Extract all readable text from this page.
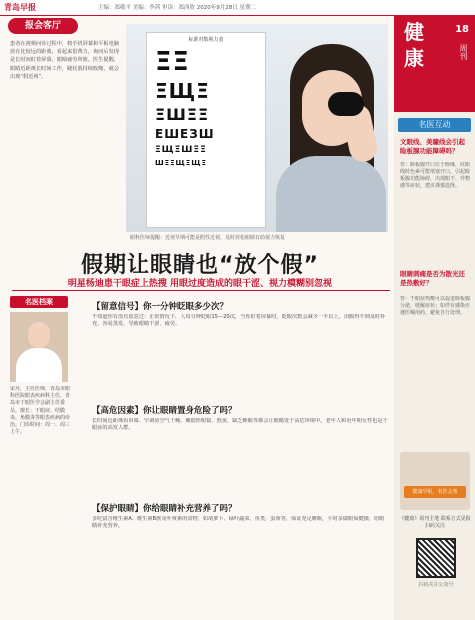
青岛早报	主编：郑敬平 美编：李茜 审读：郑西欣 2020年9月28日 星期二
健
康
18
周刊
名医互动
文眼线、美瞳线会引起睑板腺功能障碍吗？
答：睑板腺开口位于睑缘，纹眼线时色素可能堵塞开口，引起睑板腺功能障碍，出现眼干、异物感等症状，建议谨慎选择。
眼睛刺痛是否为散光还是热敷好？
答：干眼症热敷可以促进睑板腺分泌，缓解症状；如伴有感染应遵医嘱用药，避免自行处理。
健康早报，名医会客
《健康》周刊主笔 联系方式见报 扫码关注
扫码关注公众号
报会客厅
患者在视频问诊过程中，将手机屏幕和平板电脑放在比较远的距离，看起来很费力，询问后发现是长时间盯着屏幕、眼睛疲劳所致。医生提醒，眼睛近距离长时间工作，睫状肌持续收缩，就会出现“假近视”。
标准对数视力表
ΞΞ
ΞЩΞ
ΞШΞΞ
ЕШЕЗШ
ΞЩΞШΞΞ
ШΞΞЩΞЩΞ
眼科医师提醒：近视早期可能是假性近视，及时放松眼睛有助视力恢复
假期让眼睛也“放个假”
明星杨迪患干眼症上热搜 用眼过度造成的眼干涩、视力模糊别忽视
名医档案
宋丹，主任医师，青岛市眼科医院眼表疾病科主任，青岛市干眼医学会副主任委员。擅长：干眼症、结膜炎、角膜炎等眼表疾病的诊治。门诊时间：周一、周三上午。
【留意信号】你一分钟眨眼多少次？
不知道你有没有留意过：正常情况下，人每分钟眨眼15—20次，当你盯着屏幕时，眨眼次数会减少一半以上，泪膜得不到及时补充，容易蒸发，导致眼睛干涩、疲劳。
【高危因素】你让眼睛置身危险了吗？
长时间近距离看屏幕、空调房空气干燥、戴隐形眼镜、熬夜、缺乏睡眠等都会让眼睛处于高危环境中。老年人和更年期女性也是干眼症的高发人群。
【保护眼睛】你给眼睛补充营养了吗？
多吃富含维生素A、维生素B族及叶黄素的食物，如胡萝卜、绿叶蔬菜、鱼类、蛋黄等，保证充足睡眠，平时多做眼保健操，给眼睛补充营养。
